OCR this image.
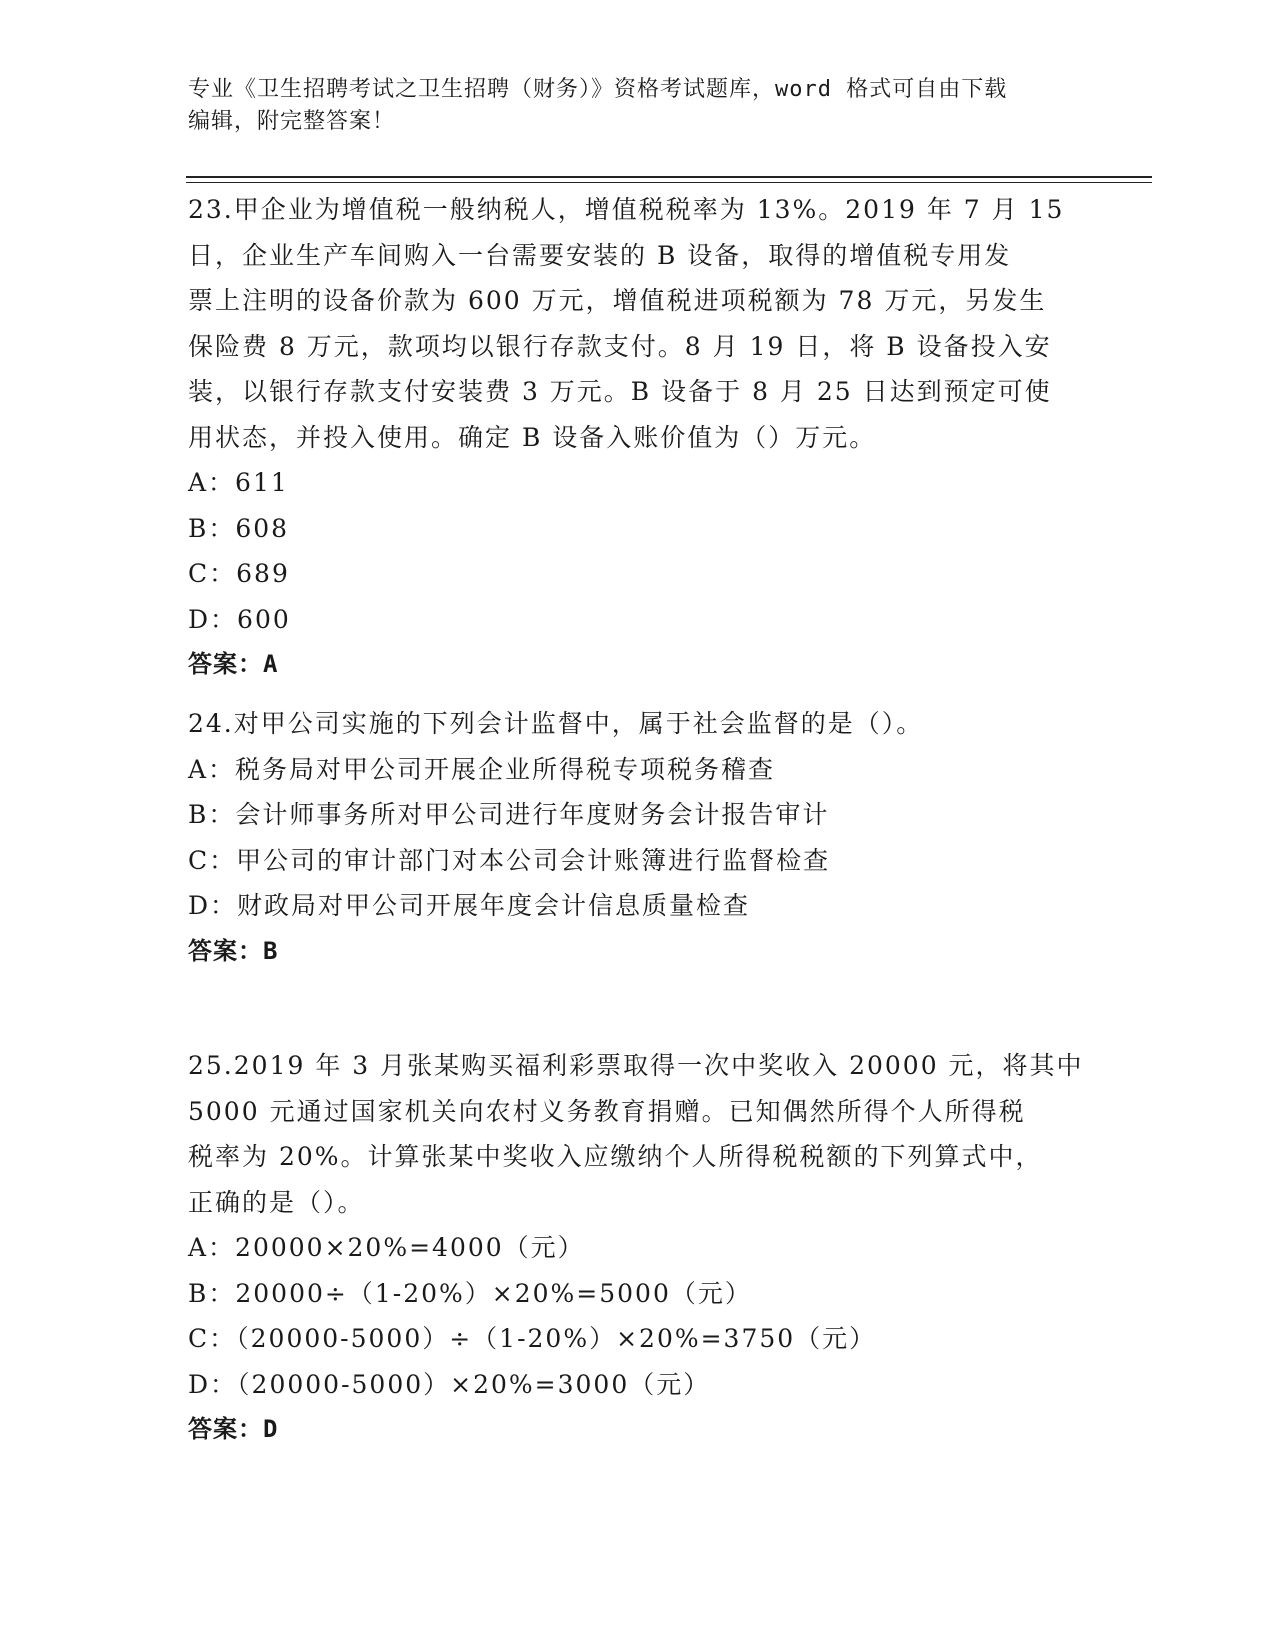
专业《卫生招聘考试之卫生招聘（财务）》资格考试题库，word 格式可自由下载
编辑，附完整答案！

23.甲企业为增值税一般纳税人，增值税税率为 13%。2019 年 7 月 15

日，企业生产车间购入一台需要安装的 B 设备，取得的增值税专用发

票上注明的设备价款为 600 万元，增值税进项税额为 78 万元，另发生

保险费 8 万元，款项均以银行存款支付。8 月 19 日，将 B 设备投入安

装，以银行存款支付安装费 3 万元。B 设备于 8 月 25 日达到预定可使

用状态，并投入使用。确定 B 设备入账价值为（）万元。

A：611

B：608

C：689

D：600

答案：A

24.对甲公司实施的下列会计监督中，属于社会监督的是（）。

A：税务局对甲公司开展企业所得税专项税务稽查

B：会计师事务所对甲公司进行年度财务会计报告审计

C：甲公司的审计部门对本公司会计账簿进行监督检查

D：财政局对甲公司开展年度会计信息质量检查

答案：B

25.2019 年 3 月张某购买福利彩票取得一次中奖收入 20000 元，将其中

5000 元通过国家机关向农村义务教育捐赠。已知偶然所得个人所得税

税率为 20%。计算张某中奖收入应缴纳个人所得税税额的下列算式中，

正确的是（）。

A：20000×20%=4000（元）

B：20000÷（1-20%）×20%=5000（元）

C：（20000-5000）÷（1-20%）×20%=3750（元）

D：（20000-5000）×20%=3000（元）

答案：D
